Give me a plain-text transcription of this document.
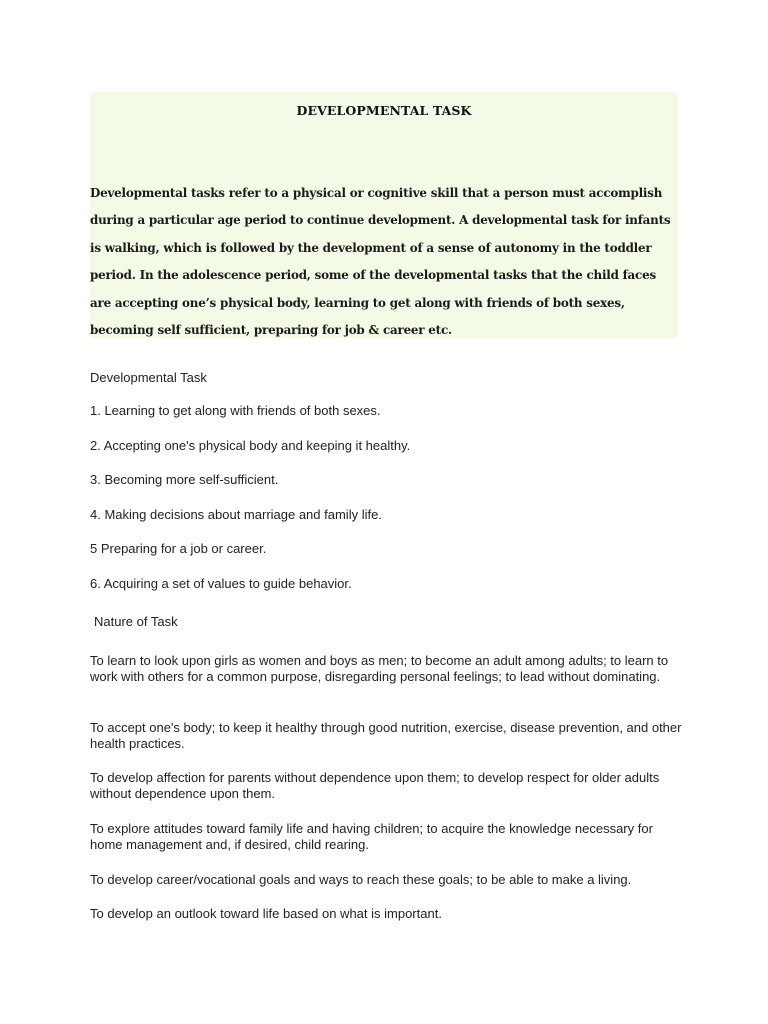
DEVELOPMENTAL TASK

Developmental tasks refer to a physical or cognitive skill that a person must accomplish during a particular age period to continue development. A developmental task for infants is walking, which is followed by the development of a sense of autonomy in the toddler period. In the adolescence period, some of the developmental tasks that the child faces are accepting one’s physical body, learning to get along with friends of both sexes, becoming self sufficient, preparing for job & career etc.

Developmental Task

1. Learning to get along with friends of both sexes.

2. Accepting one's physical body and keeping it healthy.

3. Becoming more self-sufficient.

4. Making decisions about marriage and family life.

5 Preparing for a job or career.

6. Acquiring a set of values to guide behavior.

Nature of Task

To learn to look upon girls as women and boys as men; to become an adult among adults; to learn to work with others for a common purpose, disregarding personal feelings; to lead without dominating.

To accept one's body; to keep it healthy through good nutrition, exercise, disease prevention, and other health practices.

To develop affection for parents without dependence upon them; to develop respect for older adults without dependence upon them.

To explore attitudes toward family life and having children; to acquire the knowledge necessary for home management and, if desired, child rearing.

To develop career/vocational goals and ways to reach these goals; to be able to make a living.

To develop an outlook toward life based on what is important.
